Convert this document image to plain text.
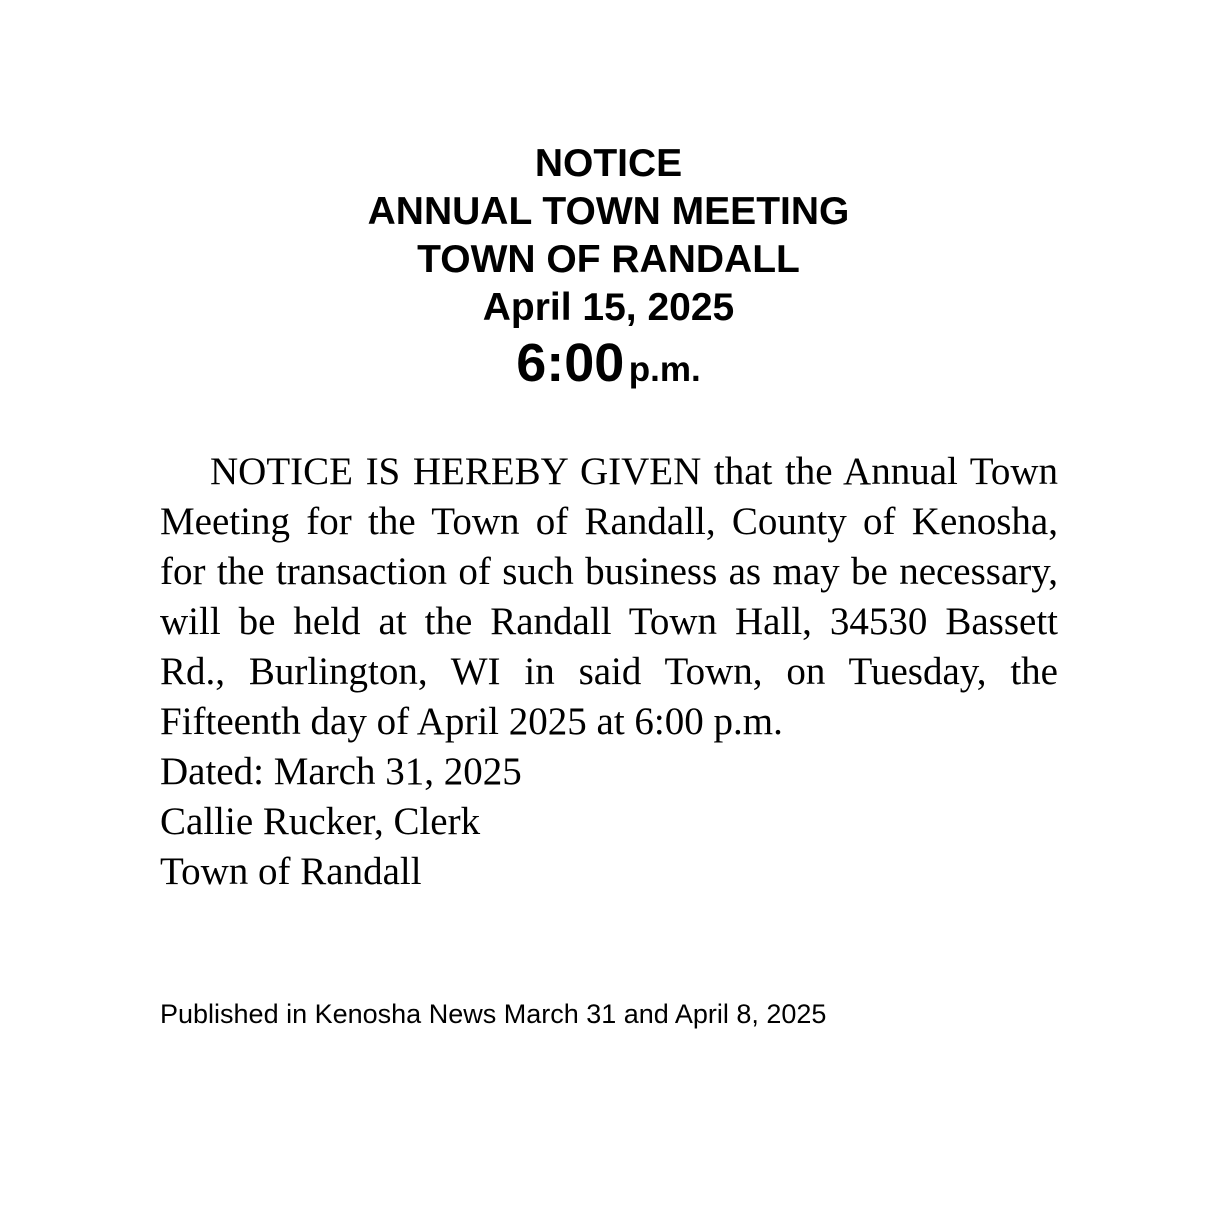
NOTICE
ANNUAL TOWN MEETING
TOWN OF RANDALL
April 15, 2025
6:00 p.m.

NOTICE IS HEREBY GIVEN that the Annual Town Meeting for the Town of Randall, County of Kenosha, for the transaction of such business as may be necessary, will be held at the Randall Town Hall, 34530 Bassett Rd., Burlington, WI in said Town, on Tuesday, the Fifteenth day of April 2025 at 6:00 p.m.

Dated: March 31, 2025
Callie Rucker, Clerk
Town of Randall
Published in Kenosha News March 31 and April 8, 2025
